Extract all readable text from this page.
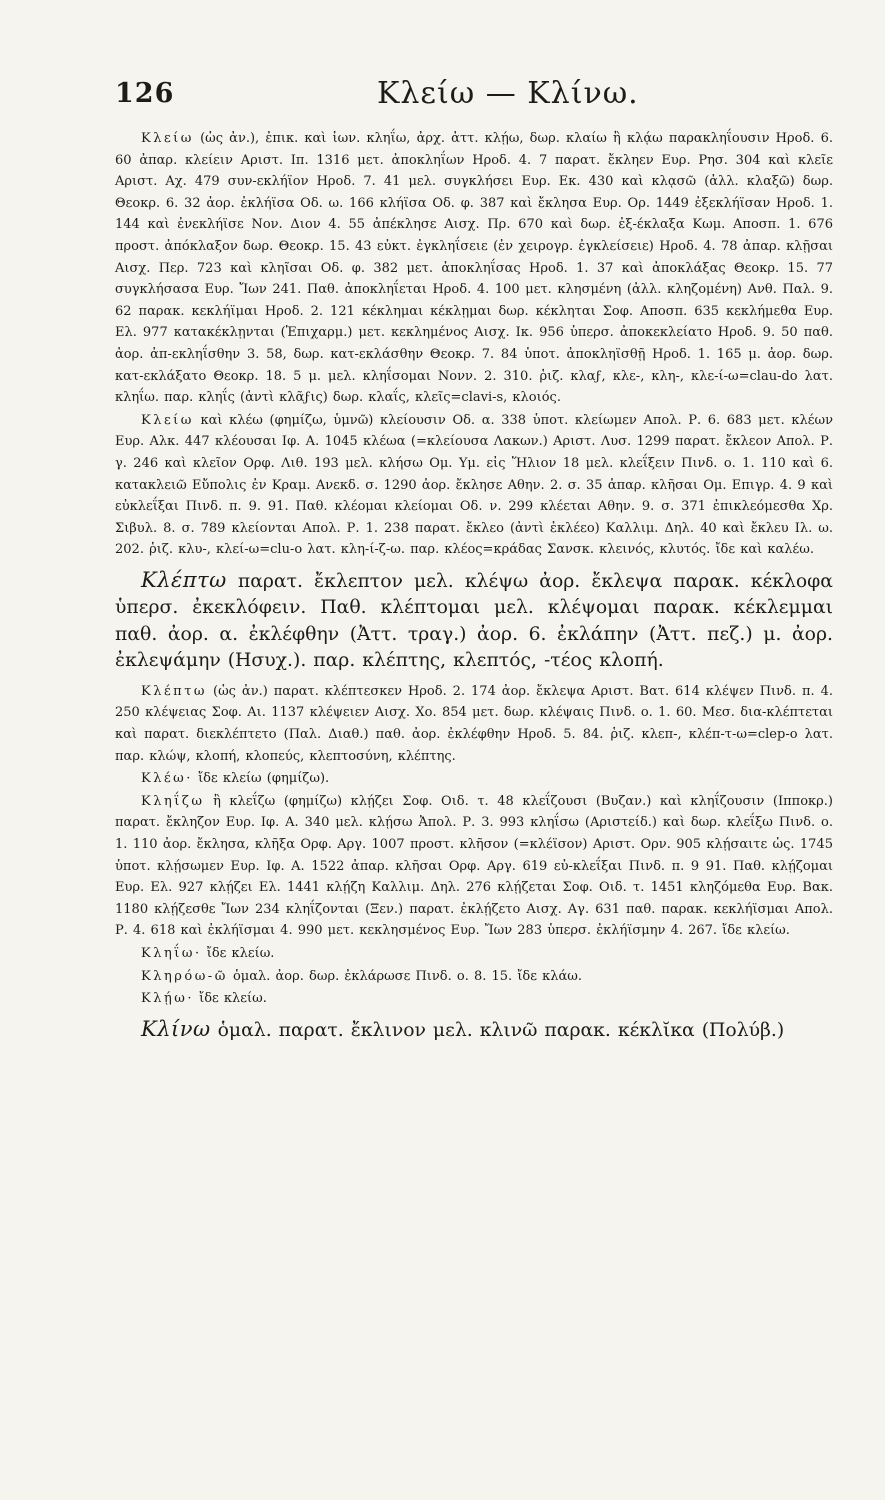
126	Κλείω — Κλίνω.

Κλείω (ὡς ἀν.), ἐπικ. καὶ ἰων. κληΐω, ἀρχ. ἀττ. κλῄω, δωρ. κλαίω ἢ κλᾴω παρακληΐουσιν Ηροδ. 6. 60 ἀπαρ. κλείειν Αριστ. Ιπ. 1316 μετ. ἀποκληΐων Ηροδ. 4. 7 παρατ. ἔκληεν Ευρ. Ρησ. 304 καὶ κλεῖε Αριστ. Αχ. 479 συν-εκλήϊον Ηροδ. 7. 41 μελ. συγκλήσει Ευρ. Εκ. 430 καὶ κλᾳσῶ (ἀλλ. κλαξῶ) δωρ. Θεοκρ. 6. 32 ἀορ. ἐκλήϊσα Οδ. ω. 166 κλήϊσα Οδ. φ. 387 καὶ ἔκλησα Ευρ. Ορ. 1449 ἐξεκλήϊσαν Ηροδ. 1. 144 καὶ ἐνεκλήϊσε Νον. Διον 4. 55 ἀπέκλησε Αισχ. Πρ. 670 καὶ δωρ. ἐξ-έκλαξα Κωμ. Αποσπ. 1. 676 προστ. ἀπόκλαξον δωρ. Θεοκρ. 15. 43 εὐκτ. ἐγκληΐσειε (ἐν χειρογρ. ἐγκλείσειε) Ηροδ. 4. 78 ἀπαρ. κλῇσαι Αισχ. Περ. 723 καὶ κληῖσαι Οδ. φ. 382 μετ. ἀποκληΐσας Ηροδ. 1. 37 καὶ ἀποκλάξας Θεοκρ. 15. 77 συγκλήσασα Ευρ. Ἴων 241. Παθ. ἀποκληΐεται Ηροδ. 4. 100 μετ. κλησμένη (ἀλλ. κληζομένη) Ανθ. Παλ. 9. 62 παρακ. κεκλήϊμαι Ηροδ. 2. 121 κέκλημαι κέκλῃμαι δωρ. κέκληται Σοφ. Αποσπ. 635 κεκλήμεθα Ευρ. Ελ. 977 κατακέκλῃνται (Ἐπιχαρμ.) μετ. κεκλημένος Αισχ. Ικ. 956 ὑπερσ. ἀποκεκλείατο Ηροδ. 9. 50 παθ. ἀορ. ἀπ-εκληΐσθην 3. 58, δωρ. κατ-εκλάσθην Θεοκρ. 7. 84 ὑποτ. ἀποκληϊσθῇ Ηροδ. 1. 165 μ. ἀορ. δωρ. κατ-εκλάξατο Θεοκρ. 18. 5 μ. μελ. κληΐσομαι Νονν. 2. 310. ῥιζ. κλαϝ, κλε-, κλη-, κλε-ί-ω=clau-do λατ. κληΐω. παρ. κληΐς (ἀντὶ κλᾶϝις) δωρ. κλαΐς, κλεῖς=clavi-s, κλοιός.

Κλείω καὶ κλέω (φημίζω, ὑμνῶ) κλείουσιν Οδ. α. 338 ὑποτ. κλείωμεν Απολ. Ρ. 6. 683 μετ. κλέων Ευρ. Αλκ. 447 κλέουσαι Ιφ. Α. 1045 κλέωα (=κλείουσα Λακων.) Αριστ. Λυσ. 1299 παρατ. ἔκλεον Απολ. Ρ. γ. 246 καὶ κλεῖον Ορφ. Λιθ. 193 μελ. κλήσω Ομ. Υμ. εἰς Ἥλιον 18 μελ. κλεΐξειν Πινδ. ο. 1. 110 καὶ 6. κατακλειῶ Εὔπολις ἐν Κραμ. Ανεκδ. σ. 1290 ἀορ. ἔκλησε Αθην. 2. σ. 35 ἀπαρ. κλῆσαι Ομ. Επιγρ. 4. 9 καὶ εὐκλεΐξαι Πινδ. π. 9. 91. Παθ. κλέομαι κλείομαι Οδ. ν. 299 κλέεται Αθην. 9. σ. 371 ἐπικλεόμεσθα Χρ. Σιβυλ. 8. σ. 789 κλείονται Απολ. Ρ. 1. 238 παρατ. ἔκλεο (ἀντὶ ἐκλέεο) Καλλιμ. Δηλ. 40 καὶ ἔκλευ Ιλ. ω. 202. ῥιζ. κλυ-, κλεί-ω=clu-o λατ. κλη-ί-ζ-ω. παρ. κλέος=κράδας Σανσκ. κλεινός, κλυτός. ἴδε καὶ καλέω.

Κλέπτω παρατ. ἔκλεπτον μελ. κλέψω ἀορ. ἔκλεψα παρακ. κέκλοφα ὑπερσ. ἐκεκλόφειν. Παθ. κλέπτομαι μελ. κλέψομαι παρακ. κέκλεμμαι παθ. ἀορ. α. ἐκλέφθην (Ἀττ. τραγ.) ἀορ. 6. ἐκλάπην (Ἀττ. πεζ.) μ. ἀορ. ἐκλεψάμην (Ησυχ.). παρ. κλέπτης, κλεπτός, -τέος κλοπή.

Κλέπτω (ὡς ἀν.) παρατ. κλέπτεσκεν Ηροδ. 2. 174 ἀορ. ἔκλεψα Αριστ. Βατ. 614 κλέψεν Πινδ. π. 4. 250 κλέψειας Σοφ. Αι. 1137 κλέψειεν Αισχ. Χο. 854 μετ. δωρ. κλέψαις Πινδ. ο. 1. 60. Μεσ. δια-κλέπτεται καὶ παρατ. διεκλέπτετο (Παλ. Διαθ.) παθ. ἀορ. ἐκλέφθην Ηροδ. 5. 84. ῥιζ. κλεπ-, κλέπ-τ-ω=clep-o λατ. παρ. κλώψ, κλοπή, κλοπεύς, κλεπτοσύνη, κλέπτης.

Κλέω· ἴδε κλείω (φημίζω).

Κληΐζω ἢ κλεΐζω (φημίζω) κλῄζει Σοφ. Οιδ. τ. 48 κλεΐζουσι (Βυζαν.) καὶ κληΐζουσιν (Ιπποκρ.) παρατ. ἔκληζον Ευρ. Ιφ. Α. 340 μελ. κλῄσω Ἀπολ. Ρ. 3. 993 κληΐσω (Αριστείδ.) καὶ δωρ. κλεΐξω Πινδ. ο. 1. 110 ἀορ. ἔκλησα, κλῆξα Ορφ. Αργ. 1007 προστ. κλῆσον (=κλέϊσον) Αριστ. Ορν. 905 κλῄσαιτε ὡς. 1745 ὑποτ. κλῄσωμεν Ευρ. Ιφ. Α. 1522 ἀπαρ. κλῆσαι Ορφ. Αργ. 619 εὐ-κλεΐξαι Πινδ. π. 9 91. Παθ. κλῄζομαι Ευρ. Ελ. 927 κλῄζει Ελ. 1441 κλῄζη Καλλιμ. Δηλ. 276 κλῄζεται Σοφ. Οιδ. τ. 1451 κληζόμεθα Ευρ. Βακ. 1180 κλῄζεσθε Ἴων 234 κληΐζονται (Ξεν.) παρατ. ἐκλῄζετο Αισχ. Αγ. 631 παθ. παρακ. κεκλήϊσμαι Απολ. Ρ. 4. 618 καὶ ἐκλήϊσμαι 4. 990 μετ. κεκλησμένος Ευρ. Ἴων 283 ὑπερσ. ἐκλήϊσμην 4. 267. ἴδε κλείω.

Κληΐω· ἴδε κλείω.

Κληρόω-ῶ ὁμαλ. ἀορ. δωρ. ἐκλάρωσε Πινδ. ο. 8. 15. ἴδε κλάω.

Κλῄω· ἴδε κλείω.

Κλίνω ὁμαλ. παρατ. ἔκλινον μελ. κλινῶ παρακ. κέκλῐκα (Πολύβ.)
